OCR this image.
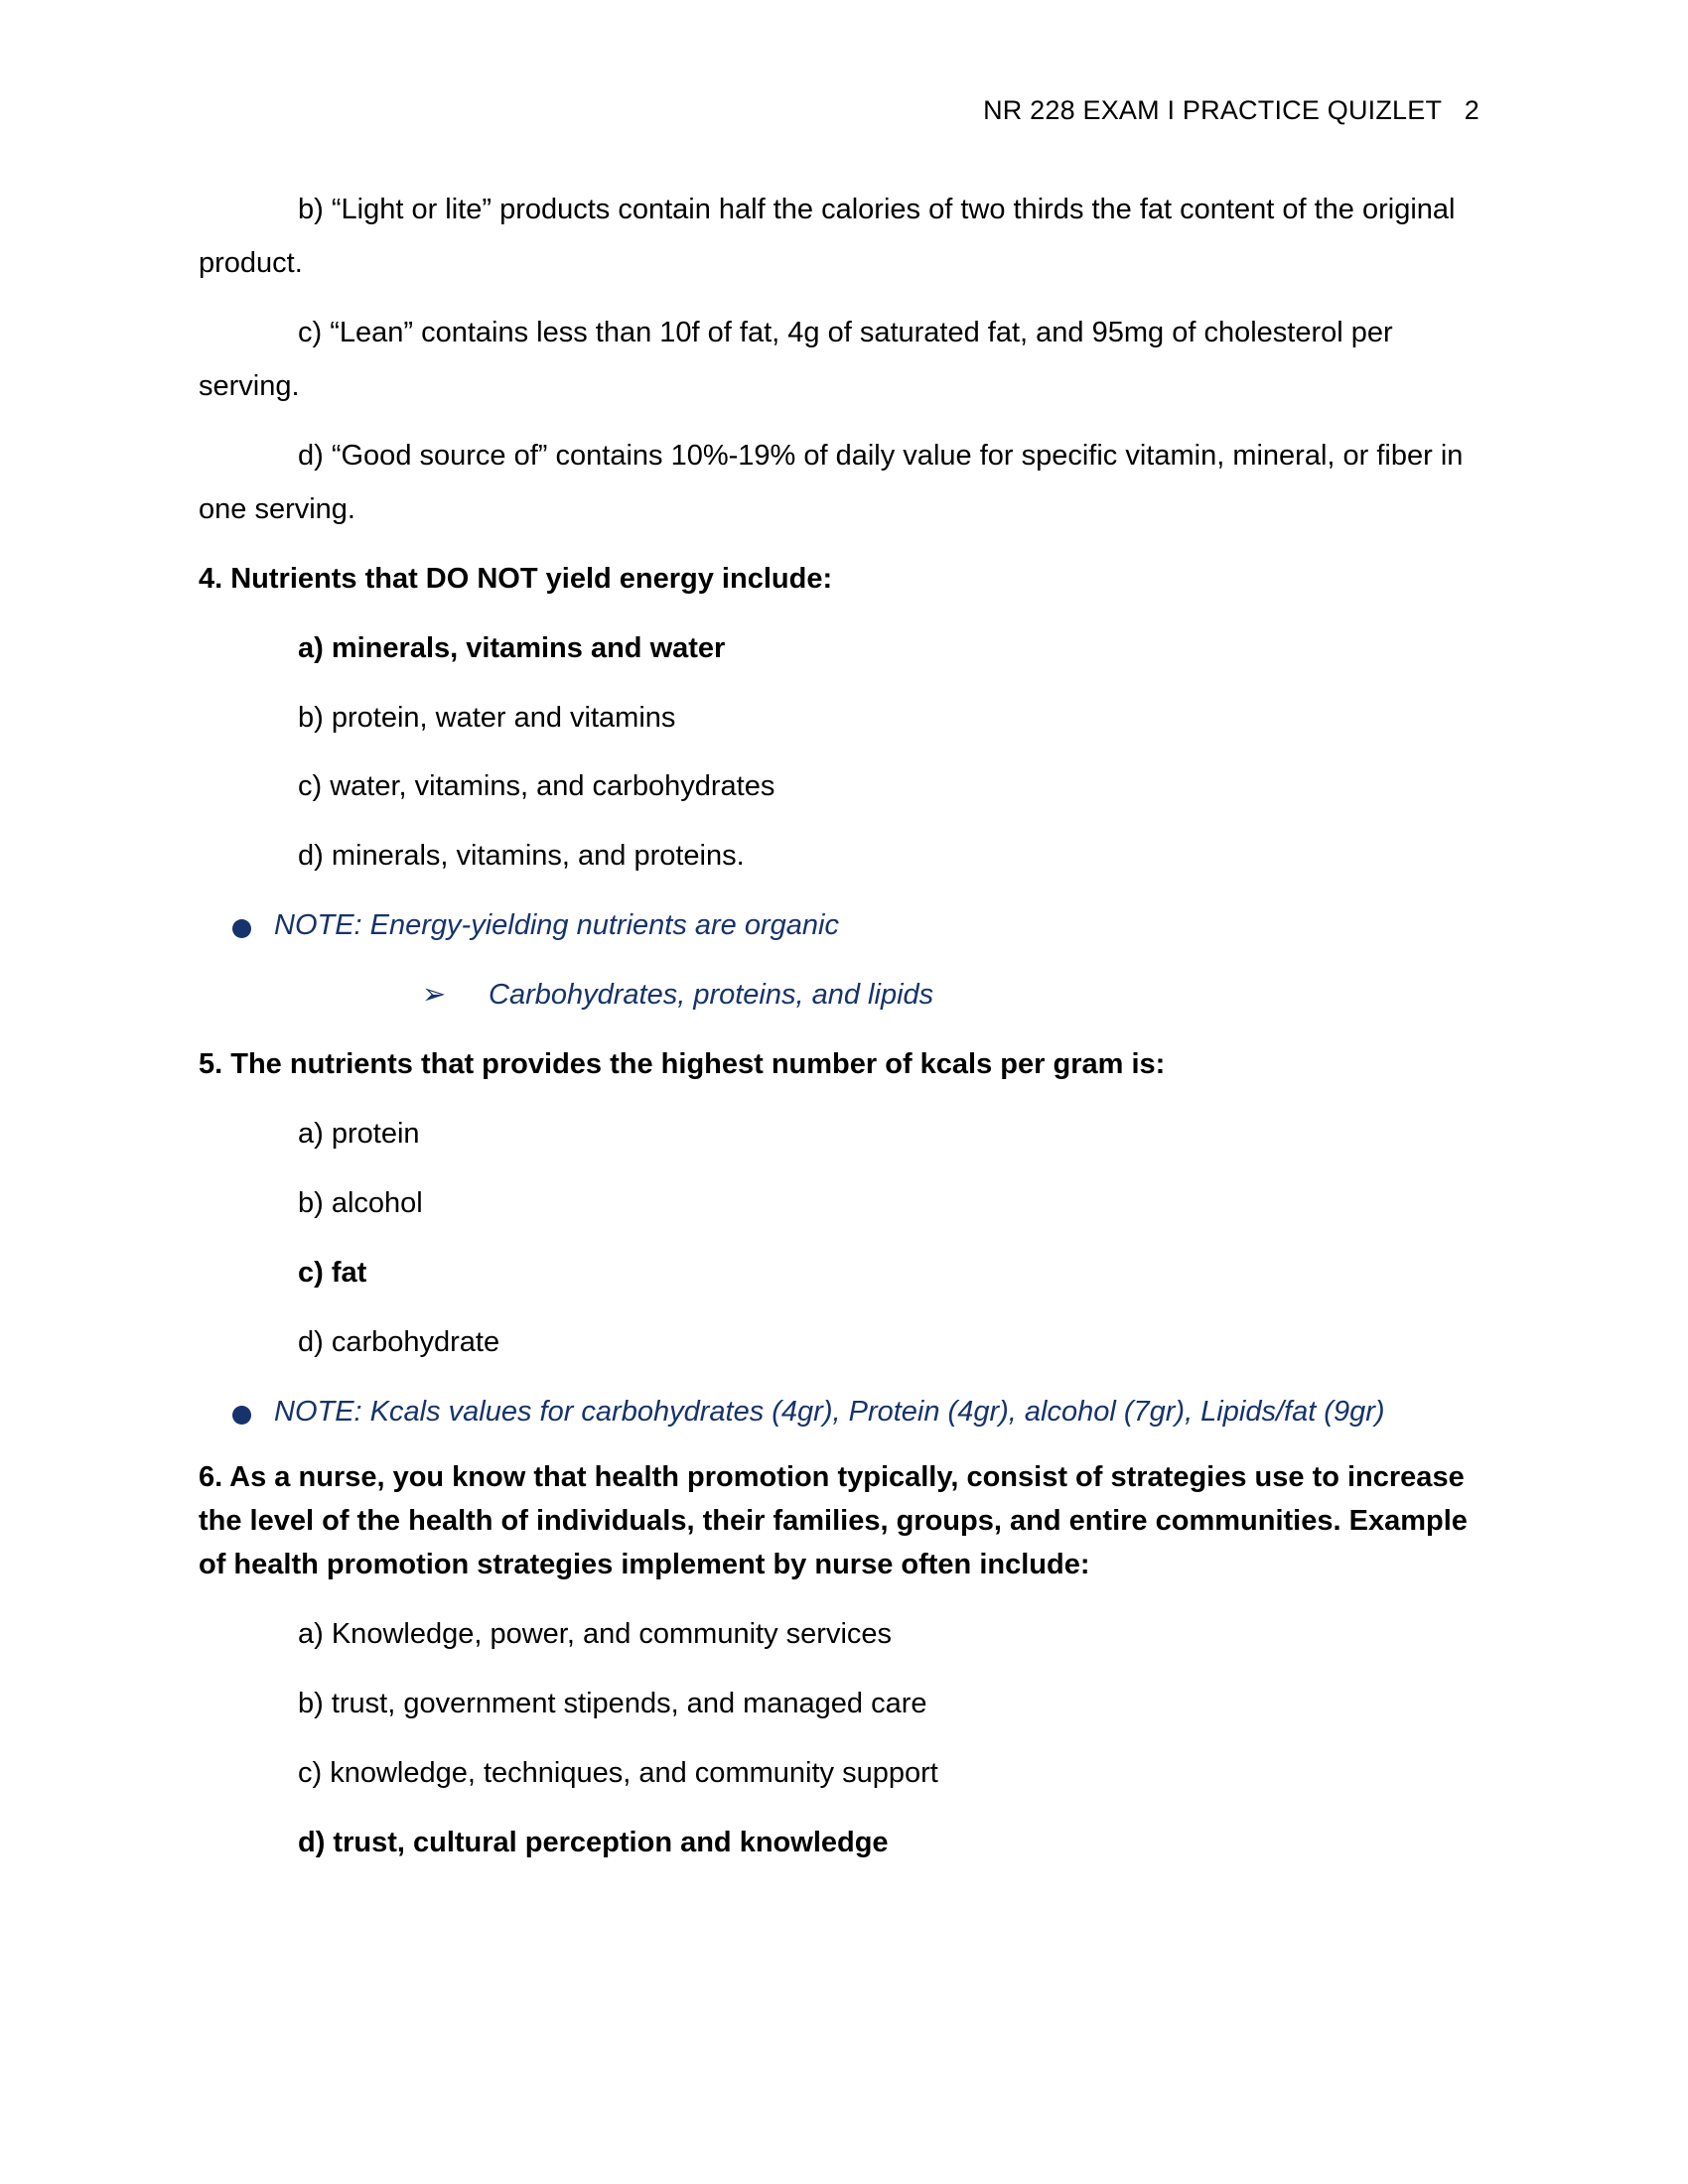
NR 228 EXAM I PRACTICE QUIZLET   2

b) “Light or lite” products contain half the calories of two thirds the fat content of the original product.

c) “Lean” contains less than 10f of fat, 4g of saturated fat, and 95mg of cholesterol per serving.

d) “Good source of” contains 10%-19% of daily value for specific vitamin, mineral, or fiber in one serving.

4. Nutrients that DO NOT yield energy include:

a) minerals, vitamins and water

b) protein, water and vitamins

c) water, vitamins, and carbohydrates

d) minerals, vitamins, and proteins.

NOTE: Energy-yielding nutrients are organic

➢ Carbohydrates, proteins, and lipids

5. The nutrients that provides the highest number of kcals per gram is:

a) protein

b) alcohol

c) fat

d) carbohydrate

NOTE: Kcals values for carbohydrates (4gr), Protein (4gr), alcohol (7gr), Lipids/fat (9gr)

6. As a nurse, you know that health promotion typically, consist of strategies use to increase the level of the health of individuals, their families, groups, and entire communities. Example of health promotion strategies implement by nurse often include:

a) Knowledge, power, and community services

b) trust, government stipends, and managed care

c) knowledge, techniques, and community support

d) trust, cultural perception and knowledge
